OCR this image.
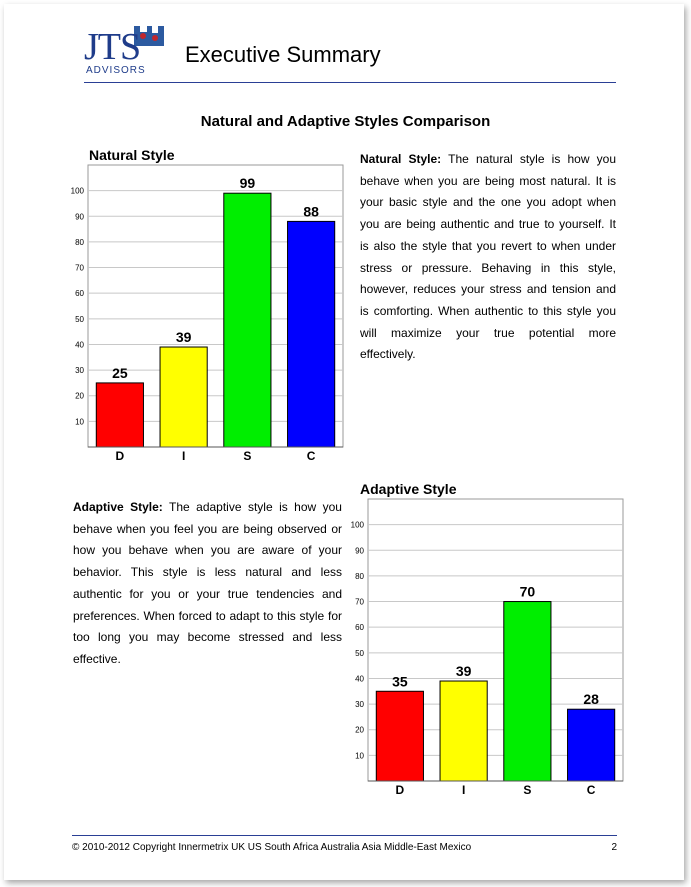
JTS
ADVISORS
Executive Summary
Natural and Adaptive Styles Comparison
Natural Style
10
20
30
40
50
60
70
80
90
100
25
D
39
I
99
S
88
C
Natural Style: The natural style is how you behave when you are being most natural. It is your basic style and the one you adopt when you are being authentic and true to yourself. It is also the style that you revert to when under stress or pressure. Behaving in this style, however, reduces your stress and tension and is comforting. When authentic to this style you will maximize your true potential more effectively.
Adaptive Style
10
20
30
40
50
60
70
80
90
100
35
D
39
I
70
S
28
C
Adaptive Style: The adaptive style is how you behave when you feel you are being observed or how you behave when you are aware of your behavior. This style is less natural and less authentic for you or your true tendencies and preferences. When forced to adapt to this style for too long you may become stressed and less effective.
© 2010-2012 Copyright Innermetrix UK US South Africa Australia Asia Middle-East Mexico	2
